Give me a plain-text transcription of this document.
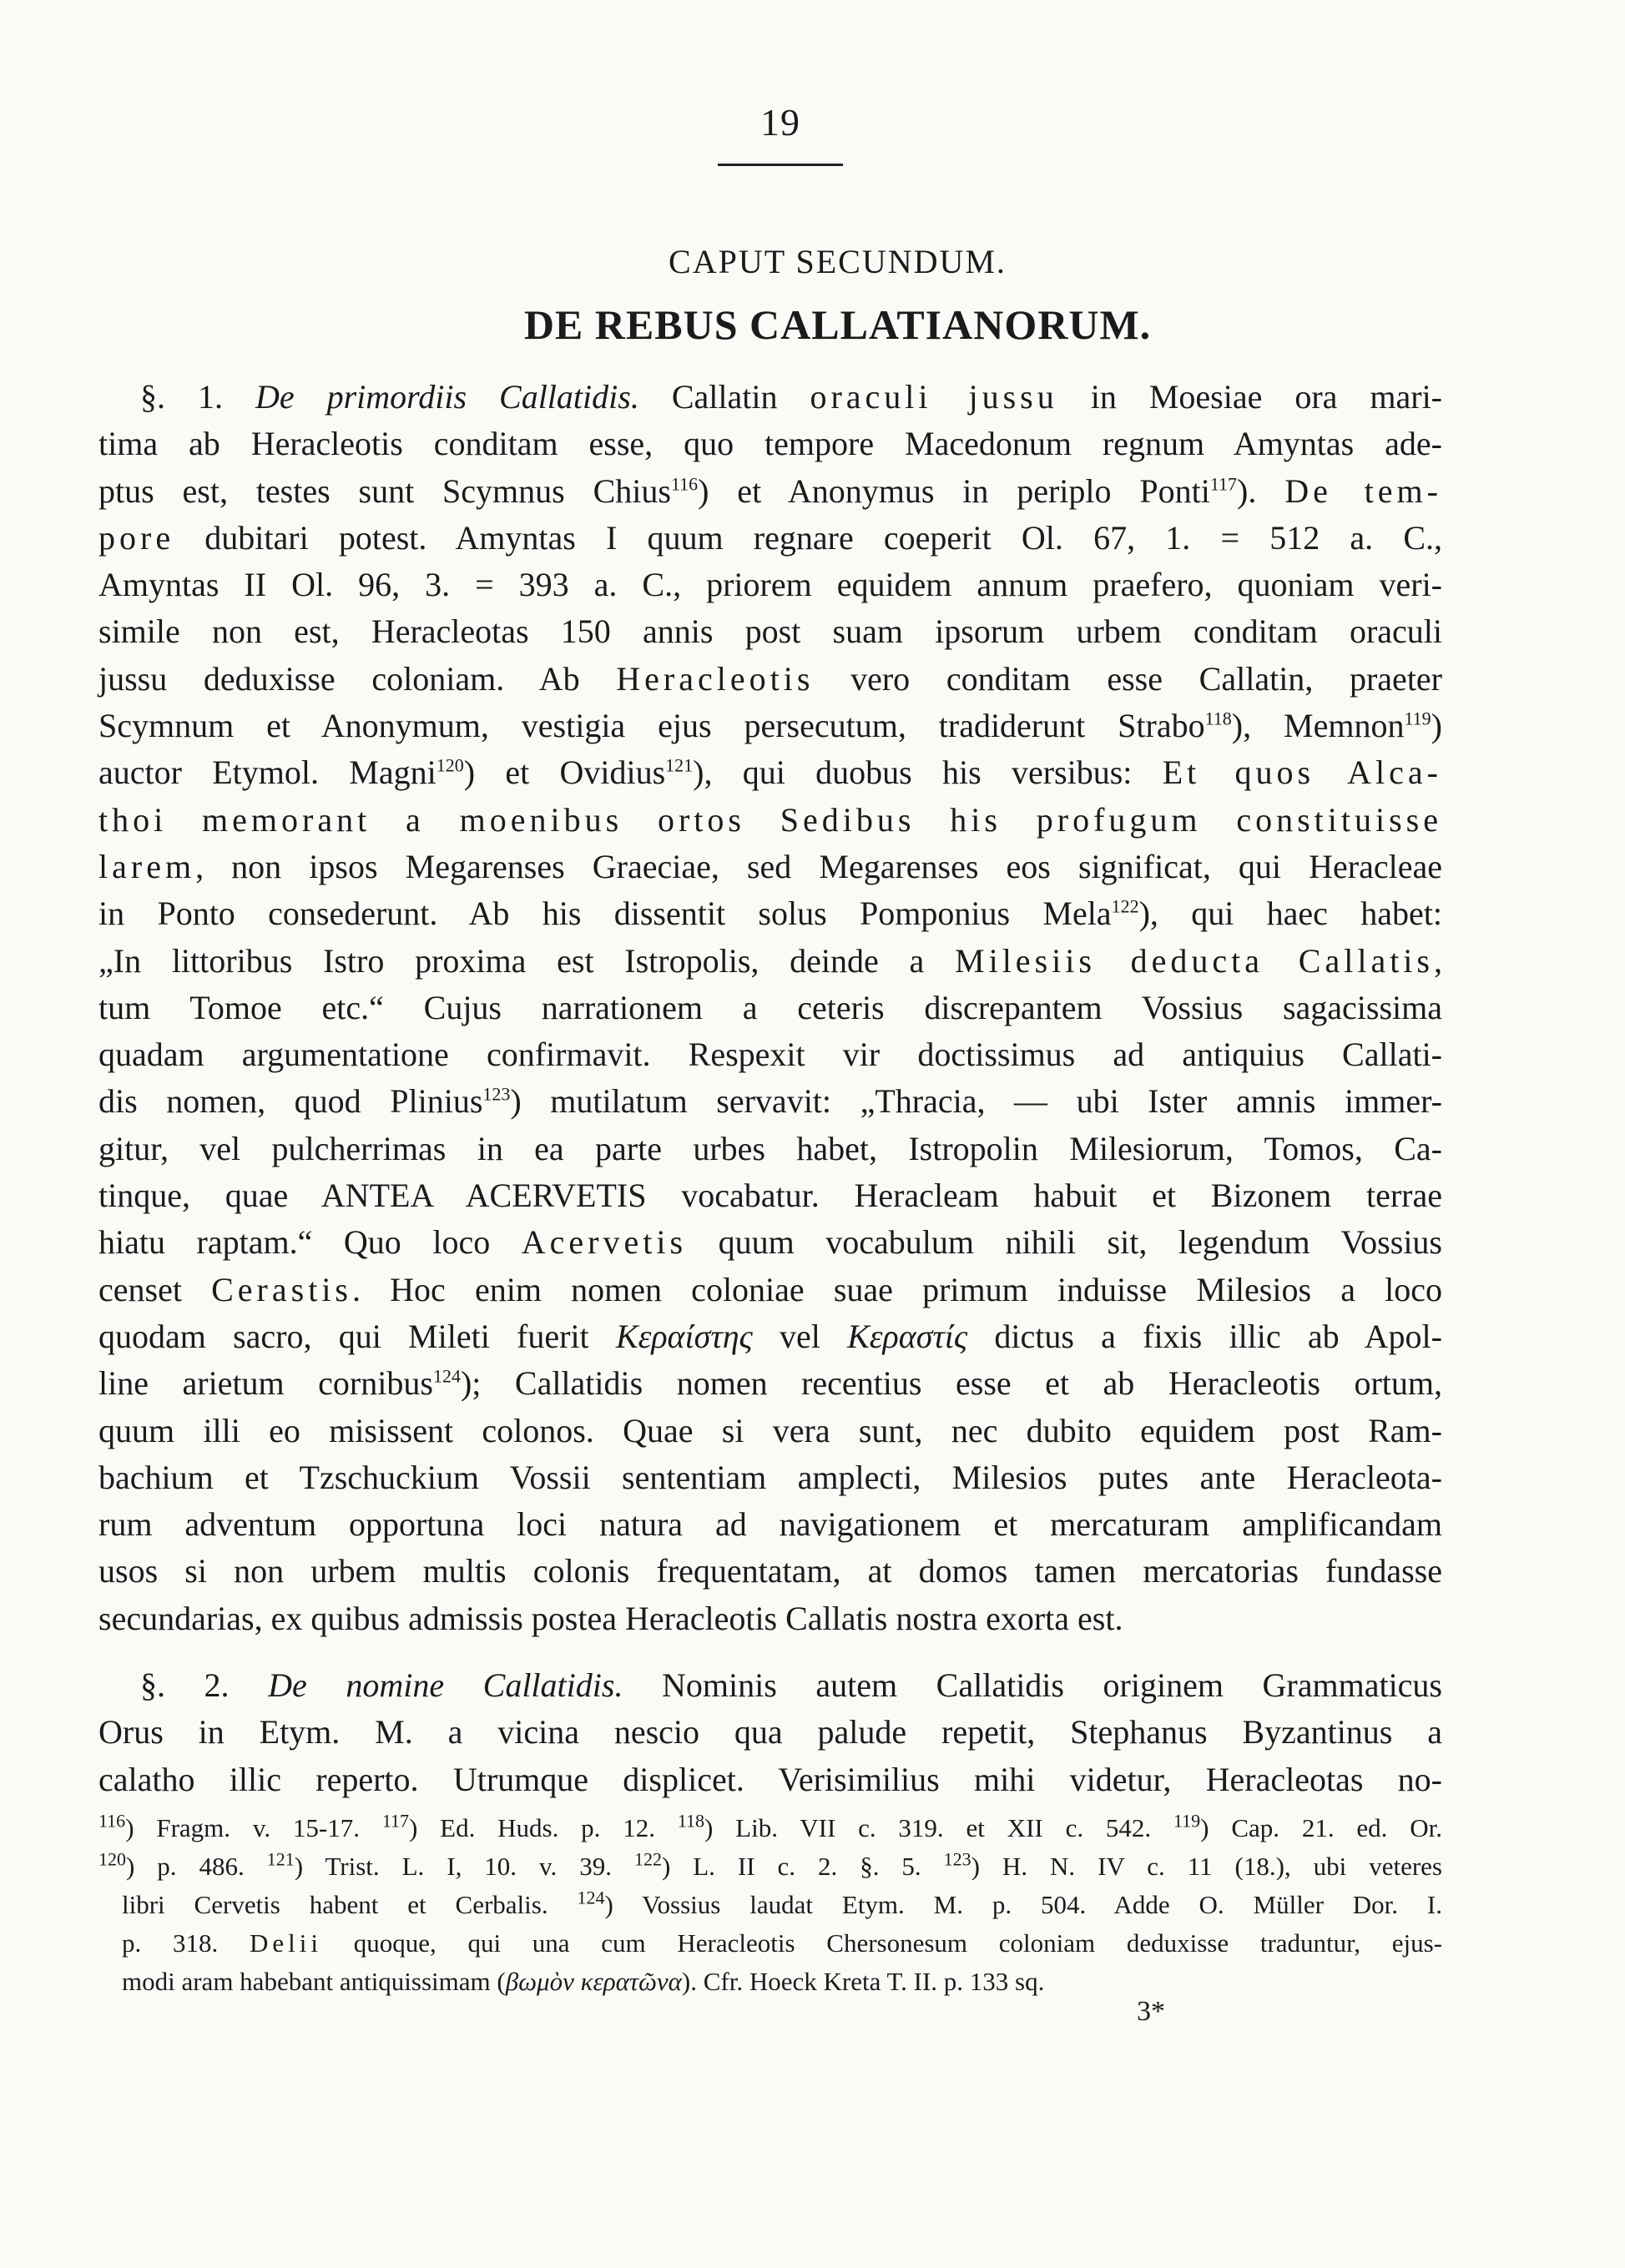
19
CAPUT SECUNDUM.
DE REBUS CALLATIANORUM.
§. 1. De primordiis Callatidis. Callatin oraculi jussu in Moesiae ora mari-
tima ab Heracleotis conditam esse, quo tempore Macedonum regnum Amyntas ade-
ptus est, testes sunt Scymnus Chius$^{116}$) et Anonymus in periplo Ponti$^{117}$). De tem-
pore dubitari potest. Amyntas I quum regnare coeperit Ol. 67, 1. = 512 a. C.,
Amyntas II Ol. 96, 3. = 393 a. C., priorem equidem annum praefero, quoniam veri-
simile non est, Heracleotas 150 annis post suam ipsorum urbem conditam oraculi
jussu deduxisse coloniam. Ab Heracleotis vero conditam esse Callatin, praeter
Scymnum et Anonymum, vestigia ejus persecutum, tradiderunt Strabo$^{118}$), Memnon$^{119}$)
auctor Etymol. Magni$^{120}$) et Ovidius$^{121}$), qui duobus his versibus: Et quos Alca-
thoi memorant a moenibus ortos Sedibus his profugum constituisse
larem, non ipsos Megarenses Graeciae, sed Megarenses eos significat, qui Heracleae
in Ponto consederunt. Ab his dissentit solus Pomponius Mela$^{122}$), qui haec habet:
„In littoribus Istro proxima est Istropolis, deinde a Milesiis deducta Callatis,
tum Tomoe etc.“ Cujus narrationem a ceteris discrepantem Vossius sagacissima
quadam argumentatione confirmavit. Respexit vir doctissimus ad antiquius Callati-
dis nomen, quod Plinius$^{123}$) mutilatum servavit: „Thracia, — ubi Ister amnis immer-
gitur, vel pulcherrimas in ea parte urbes habet, Istropolin Milesiorum, Tomos, Ca-
tinque, quae ANTEA ACERVETIS vocabatur. Heracleam habuit et Bizonem terrae
hiatu raptam.“ Quo loco Acervetis quum vocabulum nihili sit, legendum Vossius
censet Cerastis. Hoc enim nomen coloniae suae primum induisse Milesios a loco
quodam sacro, qui Mileti fuerit Κεραίστης vel Κεραστίς dictus a fixis illic ab Apol-
line arietum cornibus$^{124}$); Callatidis nomen recentius esse et ab Heracleotis ortum,
quum illi eo misissent colonos. Quae si vera sunt, nec dubito equidem post Ram-
bachium et Tzschuckium Vossii sententiam amplecti, Milesios putes ante Heracleota-
rum adventum opportuna loci natura ad navigationem et mercaturam amplificandam
usos si non urbem multis colonis frequentatam, at domos tamen mercatorias fundasse
secundarias, ex quibus admissis postea Heracleotis Callatis nostra exorta est.
§. 2. De nomine Callatidis. Nominis autem Callatidis originem Grammaticus
Orus in Etym. M. a vicina nescio qua palude repetit, Stephanus Byzantinus a
calatho illic reperto. Utrumque displicet. Verisimilius mihi videtur, Heracleotas no-
$^{116}$) Fragm. v. 15-17. $^{117}$) Ed. Huds. p. 12. $^{118}$) Lib. VII c. 319. et XII c. 542. $^{119}$) Cap. 21. ed. Or.
$^{120}$) p. 486. $^{121}$) Trist. L. I, 10. v. 39. $^{122}$) L. II c. 2. §. 5. $^{123}$) H. N. IV c. 11 (18.), ubi veteres
libri Cervetis habent et Cerbalis. $^{124}$) Vossius laudat Etym. M. p. 504. Adde O. Müller Dor. I.
p. 318. Delii quoque, qui una cum Heracleotis Chersonesum coloniam deduxisse traduntur, ejus-
modi aram habebant antiquissimam (βωμὸν κερατῶνα). Cfr. Hoeck Kreta T. II. p. 133 sq.
3*
